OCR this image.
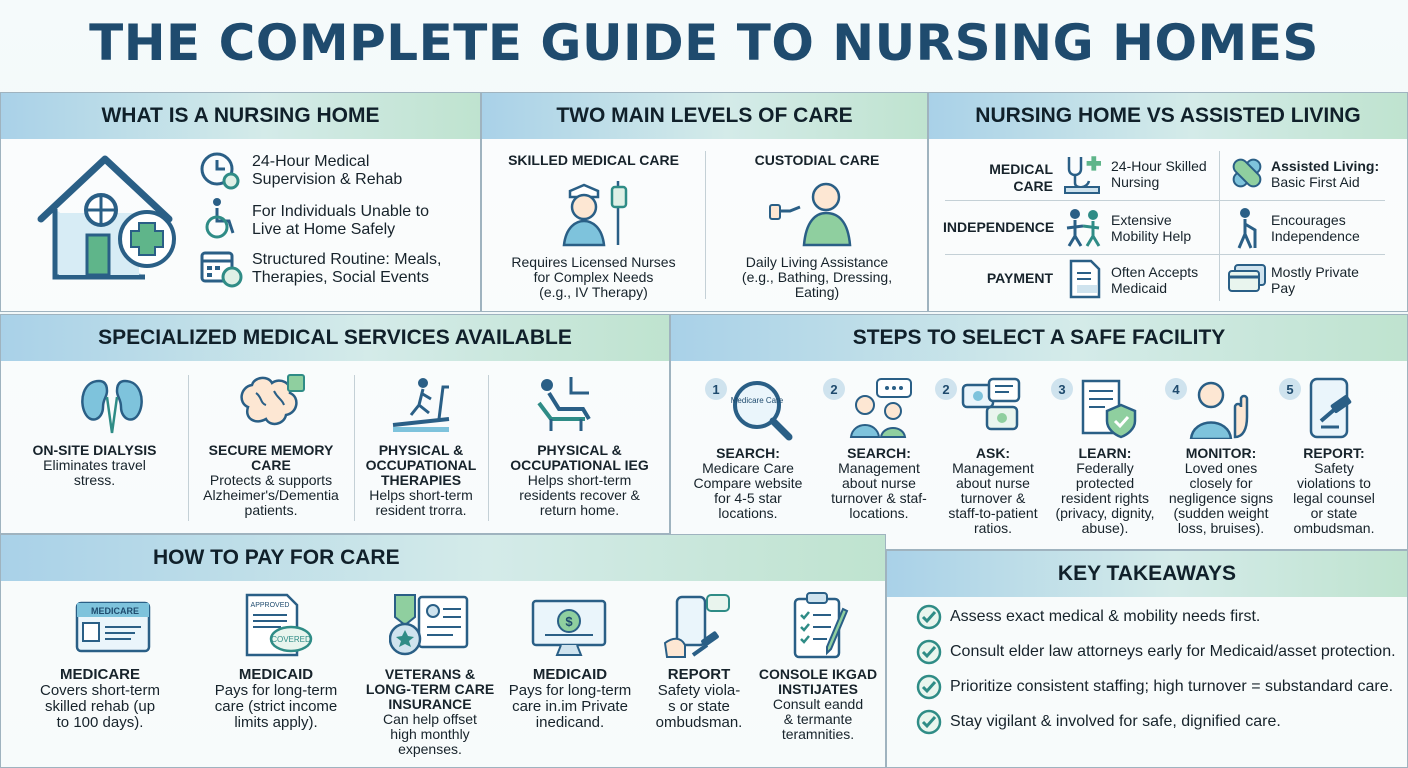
THE COMPLETE GUIDE TO NURSING HOMES
WHAT IS A NURSING HOME
24-Hour Medical
Supervision & Rehab
For Individuals Unable to
Live at Home Safely
Structured Routine: Meals,
Therapies, Social Events
TWO MAIN LEVELS OF CARE
SKILLED MEDICAL CARE
Requires Licensed Nurses
for Complex Needs
(e.g., IV Therapy)
CUSTODIAL CARE
Daily Living Assistance
(e.g., Bathing, Dressing,
Eating)
NURSING HOME VS ASSISTED LIVING
MEDICAL
CARE
24-Hour Skilled
Nursing
Assisted Living:
Basic First Aid
INDEPENDENCE	Extensive
Mobility Help
Encourages
Independence
PAYMENT	Often Accepts
Medicaid
Mostly Private
Pay
SPECIALIZED MEDICAL SERVICES AVAILABLE
ON-SITE DIALYSIS
Eliminates travel
stress.
SECURE MEMORY
CARE
Protects & supports
Alzheimer's/Dementia
patients.
PHYSICAL &
OCCUPATIONAL
THERAPIES
Helps short-term
resident trorra.
PHYSICAL &
OCCUPATIONAL IEG
Helps short-term
residents recover &
return home.
STEPS TO SELECT A SAFE FACILITY
1
Medicare Care
SEARCH:
Medicare Care
Compare website
for 4-5 star
locations.
2
SEARCH:
Management
about nurse
turnover & staf-
locations.
2
ASK:
Management
about nurse
turnover &
staff-to-patient
ratios.
3
LEARN:
Federally
protected
resident rights
(privacy, dignity,
abuse).
4
MONITOR:
Loved ones
closely for
negligence signs
(sudden weight
loss, bruises).
5
REPORT:
Safety
violations to
legal counsel
or state
ombudsman.
HOW TO PAY FOR CARE
MEDICARE
MEDICARE
Covers short-term
skilled rehab (up
to 100 days).
APPROVED
COVERED
MEDICAID
Pays for long-term
care (strict income
limits apply).
VETERANS &
LONG-TERM CARE
INSURANCE
Can help offset
high monthly
expenses.
$
MEDICAID
Pays for long-term
care in.im Private
inedicand.
REPORT
Safety viola-
s or state
ombudsman.
CONSOLE IKGAD
INSTIJATES
Consult eandd
& termante
teramnities.
KEY TAKEAWAYS
Assess exact medical & mobility needs first.
Consult elder law attorneys early for Medicaid/asset protection.
Prioritize consistent staffing; high turnover = substandard care.
Stay vigilant & involved for safe, dignified care.
